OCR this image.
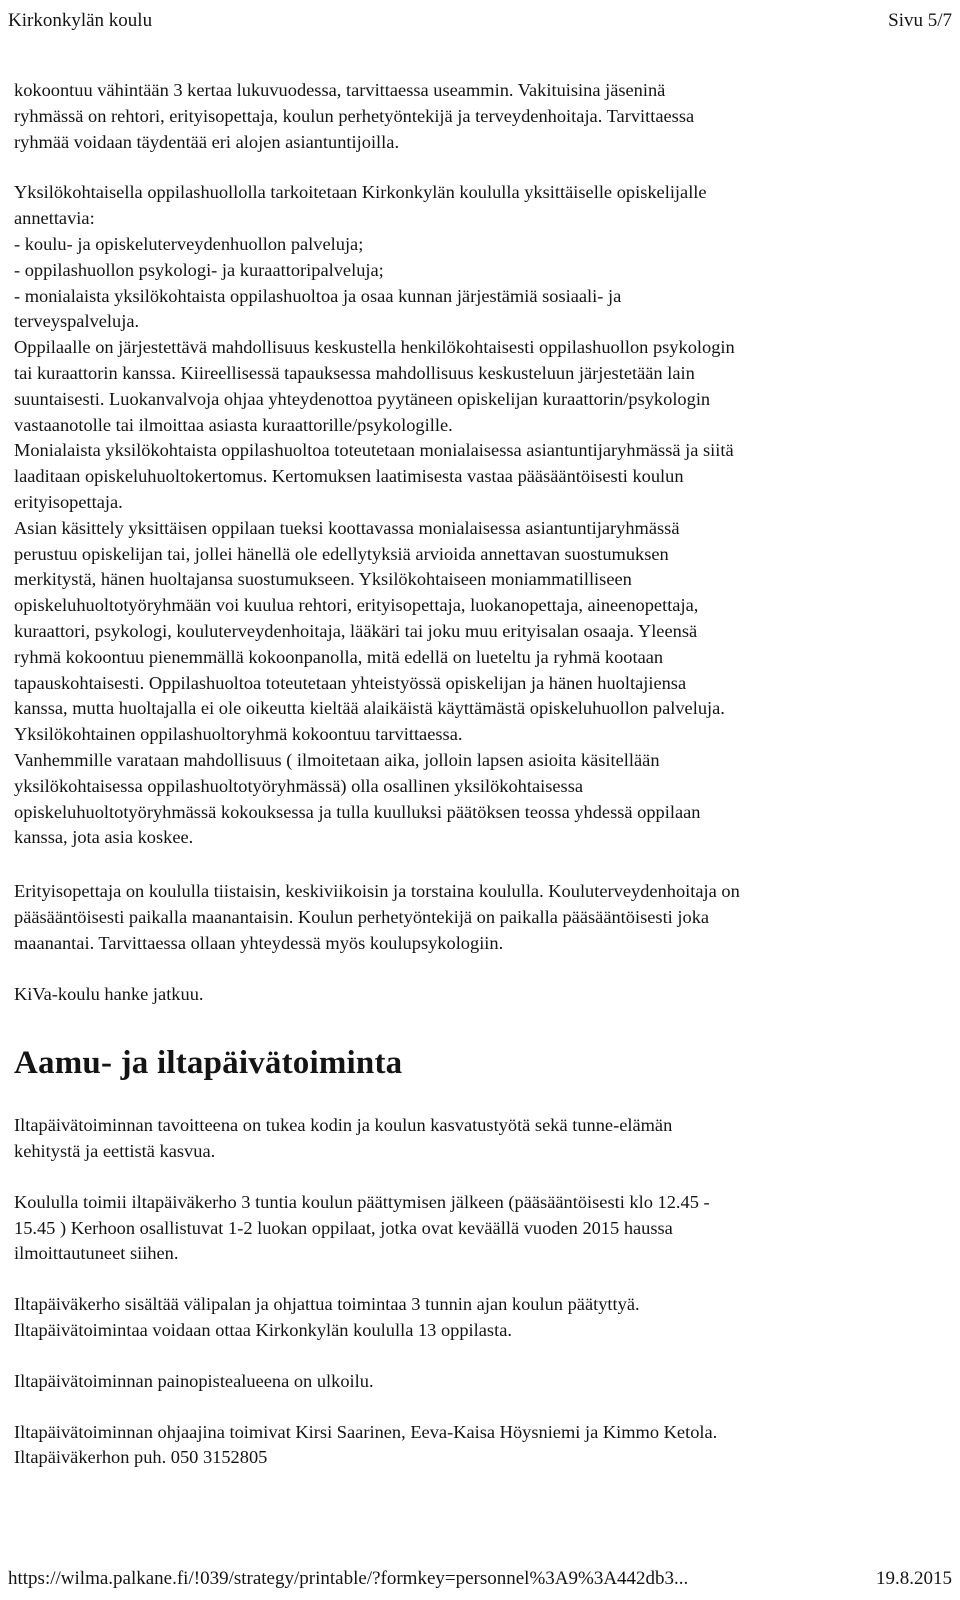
Kirkonkylän koulu	Sivu 5/7

kokoontuu vähintään 3 kertaa lukuvuodessa, tarvittaessa useammin. Vakituisina jäseninä
ryhmässä on rehtori, erityisopettaja, koulun perhetyöntekijä ja terveydenhoitaja. Tarvittaessa
ryhmää voidaan täydentää eri alojen asiantuntijoilla.

Yksilökohtaisella oppilashuollolla tarkoitetaan Kirkonkylän koululla yksittäiselle opiskelijalle
annettavia:
- koulu- ja opiskeluterveydenhuollon palveluja;
- oppilashuollon psykologi- ja kuraattoripalveluja;
- monialaista yksilökohtaista oppilashuoltoa ja osaa kunnan järjestämiä sosiaali- ja
terveyspalveluja.
Oppilaalle on järjestettävä mahdollisuus keskustella henkilökohtaisesti oppilashuollon psykologin
tai kuraattorin kanssa. Kiireellisessä tapauksessa mahdollisuus keskusteluun järjestetään lain
suuntaisesti. Luokanvalvoja ohjaa yhteydenottoa pyytäneen opiskelijan kuraattorin/psykologin
vastaanotolle tai ilmoittaa asiasta kuraattorille/psykologille.
Monialaista yksilökohtaista oppilashuoltoa toteutetaan monialaisessa asiantuntijaryhmässä ja siitä
laaditaan opiskeluhuoltokertomus. Kertomuksen laatimisesta vastaa pääsääntöisesti koulun
erityisopettaja.
Asian käsittely yksittäisen oppilaan tueksi koottavassa monialaisessa asiantuntijaryhmässä
perustuu opiskelijan tai, jollei hänellä ole edellytyksiä arvioida annettavan suostumuksen
merkitystä, hänen huoltajansa suostumukseen. Yksilökohtaiseen moniammatilliseen
opiskeluhuoltotyöryhmään voi kuulua rehtori, erityisopettaja, luokanopettaja, aineenopettaja,
kuraattori, psykologi, kouluterveydenhoitaja, lääkäri tai joku muu erityisalan osaaja. Yleensä
ryhmä kokoontuu pienemmällä kokoonpanolla, mitä edellä on lueteltu ja ryhmä kootaan
tapauskohtaisesti. Oppilashuoltoa toteutetaan yhteistyössä opiskelijan ja hänen huoltajiensa
kanssa, mutta huoltajalla ei ole oikeutta kieltää alaikäistä käyttämästä opiskeluhuollon palveluja.
Yksilökohtainen oppilashuoltoryhmä kokoontuu tarvittaessa.
Vanhemmille varataan mahdollisuus ( ilmoitetaan aika, jolloin lapsen asioita käsitellään
yksilökohtaisessa oppilashuoltotyöryhmässä) olla osallinen yksilökohtaisessa
opiskeluhuoltotyöryhmässä kokouksessa ja tulla kuulluksi päätöksen teossa yhdessä oppilaan
kanssa, jota asia koskee.

Erityisopettaja on koululla tiistaisin, keskiviikoisin ja torstaina koululla. Kouluterveydenhoitaja on
pääsääntöisesti paikalla maanantaisin. Koulun perhetyöntekijä on paikalla pääsääntöisesti joka
maanantai. Tarvittaessa ollaan yhteydessä myös koulupsykologiin.

KiVa-koulu hanke jatkuu.

Aamu- ja iltapäivätoiminta

Iltapäivätoiminnan tavoitteena on tukea kodin ja koulun kasvatustyötä sekä tunne-elämän
kehitystä ja eettistä kasvua.

Koululla toimii iltapäiväkerho 3 tuntia koulun päättymisen jälkeen (pääsääntöisesti klo 12.45 -
15.45 ) Kerhoon osallistuvat 1-2 luokan oppilaat, jotka ovat keväällä vuoden 2015 haussa
ilmoittautuneet siihen.

Iltapäiväkerho sisältää välipalan ja ohjattua toimintaa 3 tunnin ajan koulun päätyttyä.
Iltapäivätoimintaa voidaan ottaa Kirkonkylän koululla 13 oppilasta.

Iltapäivätoiminnan painopistealueena on ulkoilu.

Iltapäivätoiminnan ohjaajina toimivat Kirsi Saarinen, Eeva-Kaisa Höysniemi ja Kimmo Ketola.
Iltapäiväkerhon puh. 050 3152805

https://wilma.palkane.fi/!039/strategy/printable/?formkey=personnel%3A9%3A442db3...	19.8.2015
